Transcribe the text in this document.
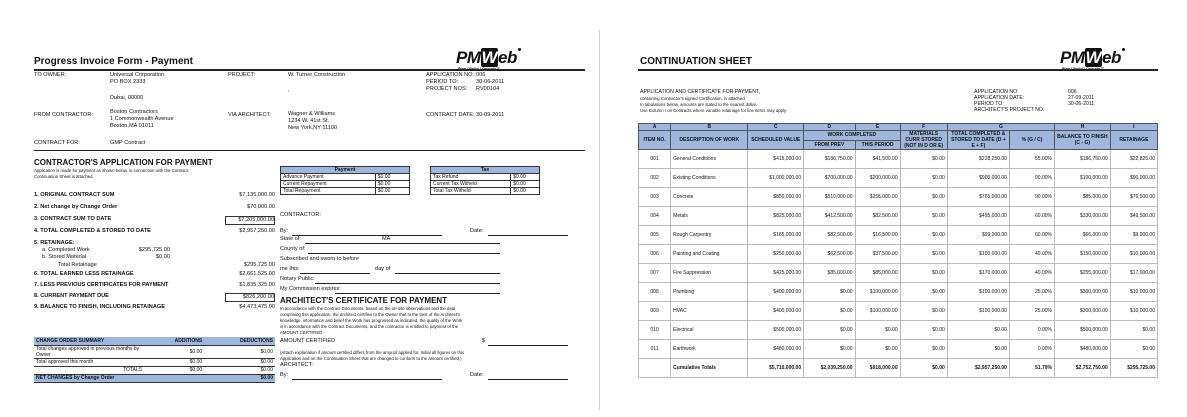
Progress Invoice Form - Payment	PMWeb
TO OWNER:	Universal Corporation
PO BOX 2333
Dubai, 00000
PROJECT:	W. Turner Construction
,
APPLICATION NO: 006
PERIOD TO:	30-06-2011
PROJECT NOS: RV00104
FROM CONTRACTOR:	Boston Contractors
1 Commonwealth Avenue
Boston,MA 01011
VIA ARCHITECT:	Wagner & Williams
1234 W. 41st St.
New York,NY 11100
CONTRACT DATE: 30-09-2011
CONTRACT FOR:	GMP Contract
CONTRACTOR'S APPLICATION FOR PAYMENT
Application is made for payment as shown below, in connection with the Contract.
Continuation Sheet is attached.
1. ORIGINAL CONTRACT SUM	$7,135,000.00
2. Net change by Change Order	$70,000.00
3. CONTRACT SUM TO DATE	$7,205,000.00
4. TOTAL COMPLETED & STORED TO DATE	$2,957,250.00
5. RETAINAGE:
a. Completed Work	$295,725.00
b. Stored Material	$0.00
Total Retainage	$295,725.00
6. TOTAL EARNED LESS RETAINAGE	$2,661,525.00
7. LESS PREVIOUS CERTIFICATES FOR PAYMENT	$1,835,325.00
8. CURRENT PAYMENT DUE	$826,200.00
9. BALANCE TO FINISH, INCLUDING RETAINAGE	$4,473,475.00
CHANGE ORDER SUMMARY	ADDITIONS	DEDUCTIONS
Total changes approved in previous months by Owner	$0.00	$0.00
Total approved this month	$0.00	$0.00
TOTALS	$0.00	$0.00
NET CHANGES by Change Order		$0.00
Payment	
Advance Payment	$0.00
Current Repayment	$0.00
Total Repayment	$0.00
Tax	
Tax Refund	$0.00
Current Tax Witheld	$0.00
Total Tax Witheld	$0.00
CONTRACTOR:
By:	Date:
State of:	MA
County of:
Subscribed and sworn to before
me this:	day of
Notary Public:
My Commission expires:
ARCHITECT'S CERTIFICATE FOR PAYMENT
In accordance with the Contract Documents, based on the on-site observations and the data
comprising this application, the architect certifies to the Owner that to the best of the Architect's
knowledge, information and belief the Work has progressed as indicated, the quality of the Work
is in accordance with the Contract Documents, and the contractor is entitled to payment of the
AMOUNT CERTIFIED.
AMOUNT CERTIFIED	$
(Attach explanation if amount certified differs from the amount applied for. Initial all figures on this
Application and on the Continuation Sheet that are changed to conform to the amount certified.)
ARCHITECT:
By:	Date:
CONTINUATION SHEET	PMWeb
APPLICATION AND CERTIFICATE FOR PAYMENT,
containing Contractor's signed Certification, is attached.
In tabulations below, amounts are stated to the nearest dollar.
Use Column I on Contracts where variable retainage for line items may apply.
APPLICATION NO:	006
APPLICATION DATE:	27-09-2011
PERIOD TO:	30-06-2011
ARCHITECT'S PROJECT NO:
A	B	C	D	E	F	G		H	I
ITEM NO.	DESCRIPTION OF WORK	SCHEDULED VALUE	WORK COMPLETED		MATERIALS CURR STORED (NOT IN D OR E)	TOTAL COMPLETED & STORED TO DATE (D + E + F)	% (G / C)	BALANCE TO FINISH (C - G)	RETAINAGE
			FROM PREV	THIS PERIOD					
001	General Conditions	$415,000.00	$186,750.00	$41,500.00	$0.00	$228,250.00	55.00%	$186,750.00	$22,825.00
002	Existing Conditions	$1,000,000.00	$700,000.00	$200,000.00	$0.00	$900,000.00	90.00%	$100,000.00	$90,000.00
003	Concrete	$850,000.00	$510,000.00	$255,000.00	$0.00	$765,000.00	90.00%	$85,000.00	$76,500.00
004	Metals	$825,000.00	$412,500.00	$82,500.00	$0.00	$495,000.00	60.00%	$330,000.00	$49,500.00
005	Rough Carpentry	$165,000.00	$82,500.00	$16,500.00	$0.00	$99,000.00	60.00%	$66,000.00	$9,900.00
006	Painting and Coating	$250,000.00	$62,500.00	$37,500.00	$0.00	$100,000.00	40.00%	$150,000.00	$10,000.00
007	Fire Suppression	$425,000.00	$85,000.00	$85,000.00	$0.00	$170,000.00	40.00%	$255,000.00	$17,000.00
008	Plumbing	$400,000.00	$0.00	$100,000.00	$0.00	$100,000.00	25.00%	$300,000.00	$10,000.00
009	HVAC	$400,000.00	$0.00	$100,000.00	$0.00	$100,000.00	25.00%	$300,000.00	$10,000.00
010	Electrical	$500,000.00	$0.00	$0.00	$0.00	$0.00	0.00%	$500,000.00	$0.00
011	Earthwork	$480,000.00	$0.00	$0.00	$0.00	$0.00	0.00%	$480,000.00	$0.00
	Cumulative Totals	$5,710,000.00	$2,039,250.00	$918,000.00	$0.00	$2,957,250.00	51.79%	$2,752,750.00	$295,725.00
